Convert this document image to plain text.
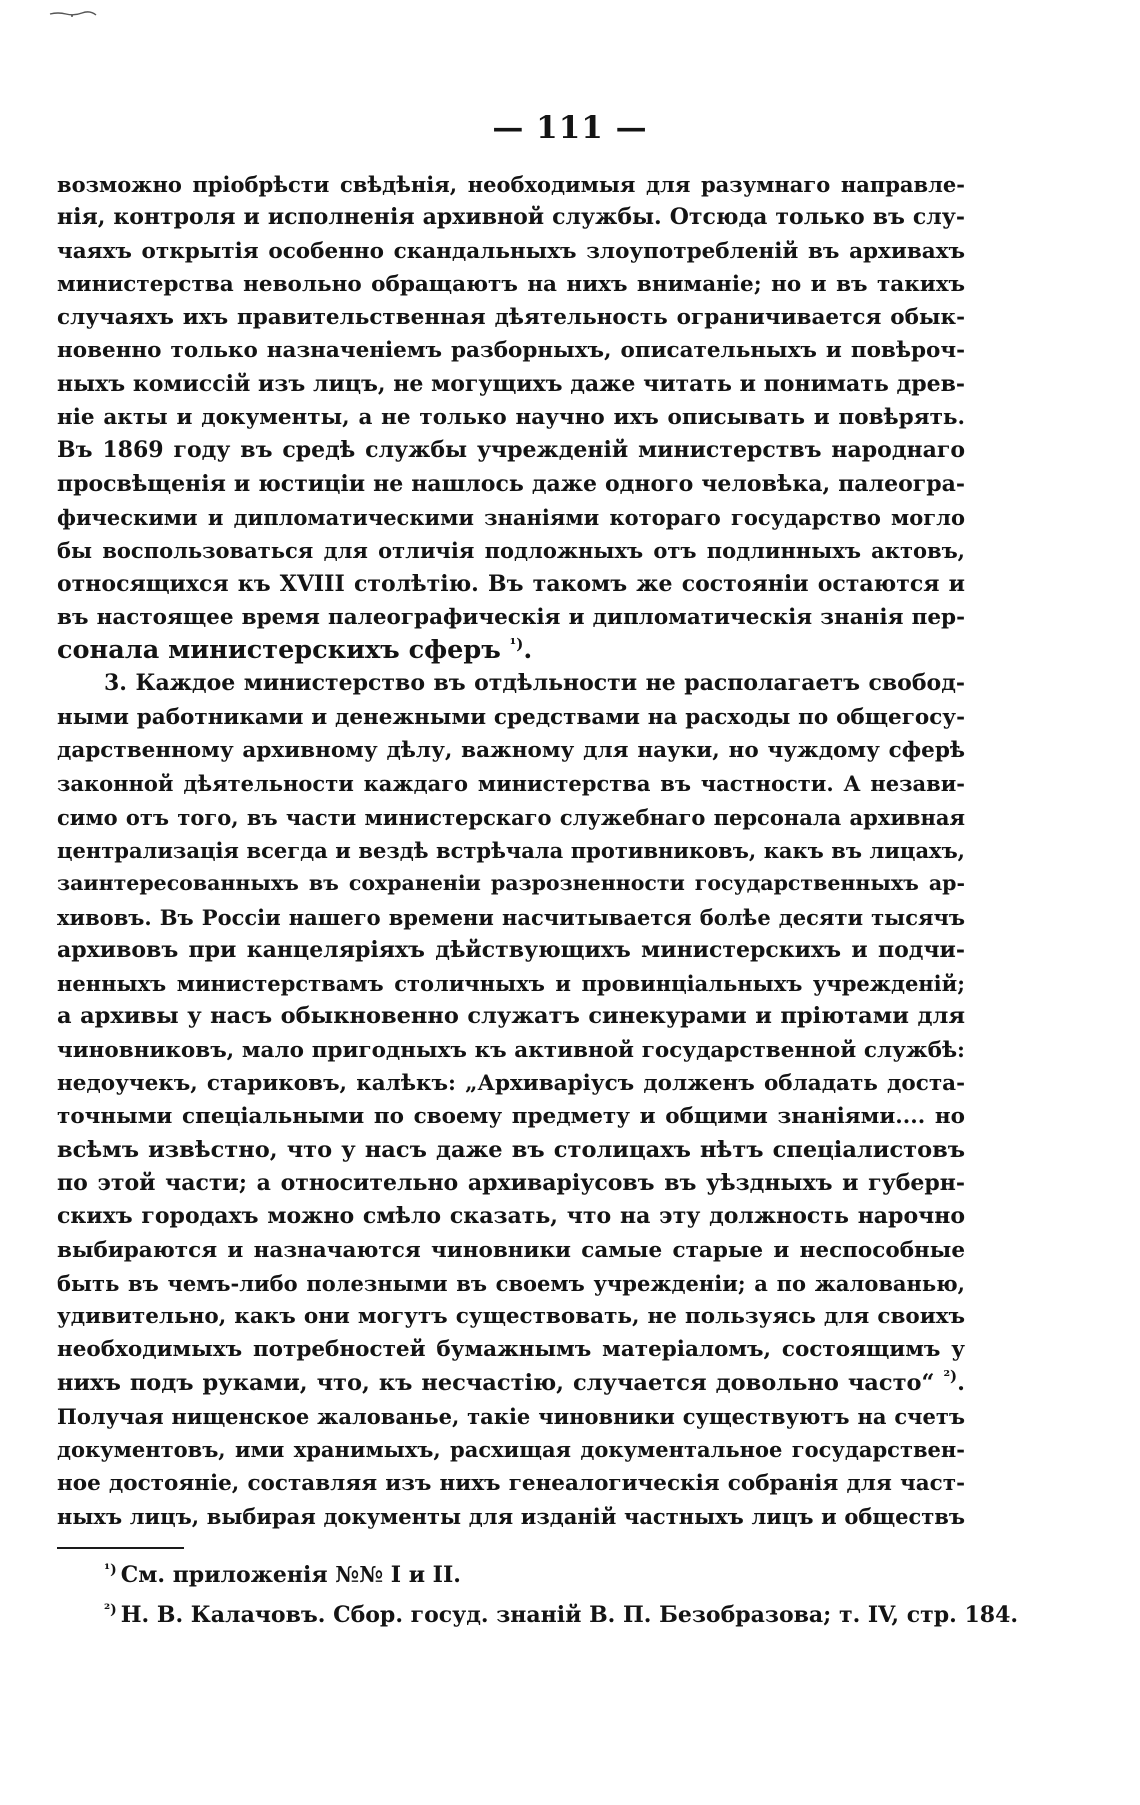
— 111 —
возможно пріобрѣсти свѣдѣнія, необходимыя для разумнаго направле-
нія, контроля и исполненія архивной службы. Отсюда только въ слу-
чаяхъ открытія особенно скандальныхъ злоупотребленій въ архивахъ
министерства невольно обращаютъ на нихъ вниманіе; но и въ такихъ
случаяхъ ихъ правительственная дѣятельность ограничивается обык-
новенно только назначеніемъ разборныхъ, описательныхъ и повѣроч-
ныхъ комиссій изъ лицъ, не могущихъ даже читать и понимать древ-
ніе акты и документы, а не только научно ихъ описывать и повѣрять.
Въ 1869 году въ средѣ службы учрежденій министерствъ народнаго
просвѣщенія и юстиціи не нашлось даже одного человѣка, палеогра-
фическими и дипломатическими знаніями котораго государство могло
бы воспользоваться для отличія подложныхъ отъ подлинныхъ актовъ,
относящихся къ XVIII столѣтію. Въ такомъ же состояніи остаются и
въ настоящее время палеографическія и дипломатическія знанія пер-
сонала министерскихъ сферъ $^{^1)}$.
3. Каждое министерство въ отдѣльности не располагаетъ свобод-
ными работниками и денежными средствами на расходы по общегосу-
дарственному архивному дѣлу, важному для науки, но чуждому сферѣ
законной дѣятельности каждаго министерства въ частности. А незави-
симо отъ того, въ части министерскаго служебнаго персонала архивная
централизація всегда и вездѣ встрѣчала противниковъ, какъ въ лицахъ,
заинтересованныхъ въ сохраненіи разрозненности государственныхъ ар-
хивовъ. Въ Россіи нашего времени насчитывается болѣе десяти тысячъ
архивовъ при канцеляріяхъ дѣйствующихъ министерскихъ и подчи-
ненныхъ министерствамъ столичныхъ и провинціальныхъ учрежденій;
а архивы у насъ обыкновенно служатъ синекурами и пріютами для
чиновниковъ, мало пригодныхъ къ активной государственной службѣ:
недоучекъ, стариковъ, калѣкъ: „Архиваріусъ долженъ обладать доста-
точными спеціальными по своему предмету и общими знаніями.... но
всѣмъ извѣстно, что у насъ даже въ столицахъ нѣтъ спеціалистовъ
по этой части; а относительно архиваріусовъ въ уѣздныхъ и губерн-
скихъ городахъ можно смѣло сказать, что на эту должность нарочно
выбираются и назначаются чиновники самые старые и неспособные
быть въ чемъ-либо полезными въ своемъ учрежденіи; а по жалованью,
удивительно, какъ они могутъ существовать, не пользуясь для своихъ
необходимыхъ потребностей бумажнымъ матеріаломъ, состоящимъ у
нихъ подъ руками, что, къ несчастію, случается довольно часто“ $^{^2)}$.
Получая нищенское жалованье, такіе чиновники существуютъ на счетъ
документовъ, ими хранимыхъ, расхищая документальное государствен-
ное достояніе, составляя изъ нихъ генеалогическія собранія для част-
ныхъ лицъ, выбирая документы для изданій частныхъ лицъ и обществъ
$^{^1)}$ См. приложенія №№ I и II.
$^{^2)}$ Н. В. Калачовъ. Сбор. госуд. знаній В. П. Безобразова; т. IV, стр. 184.
